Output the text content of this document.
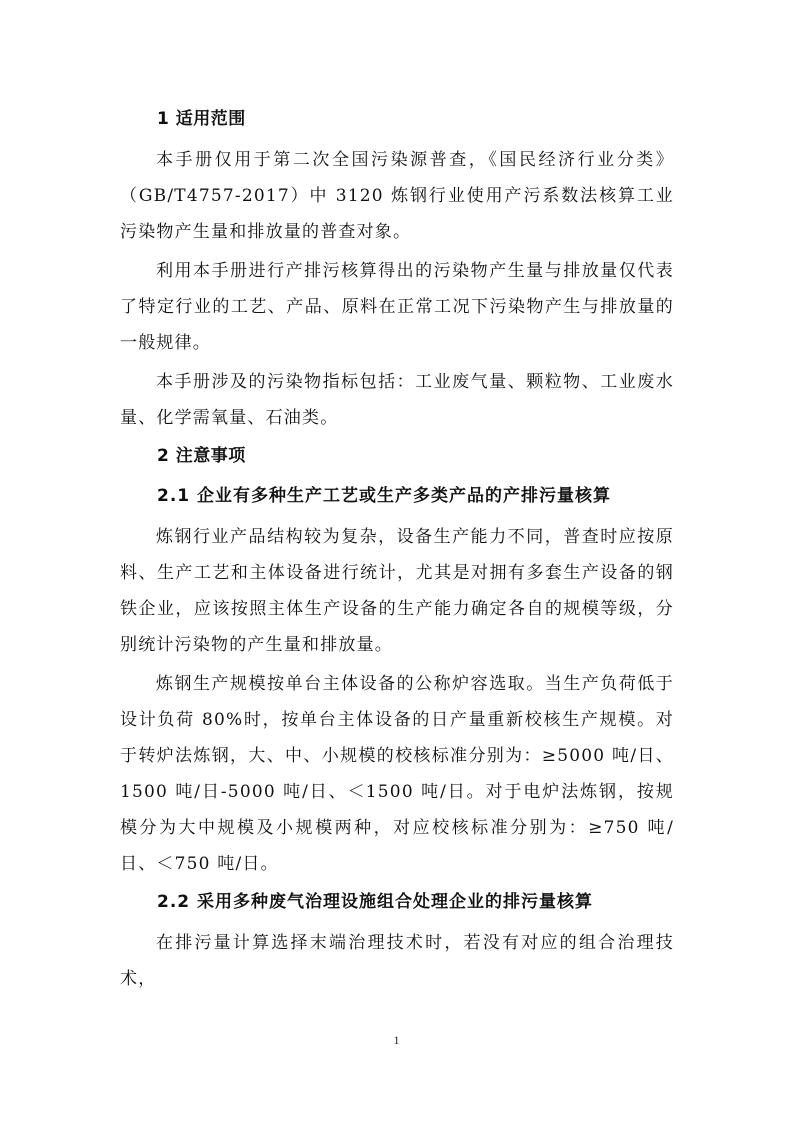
1 适用范围

本手册仅用于第二次全国污染源普查，《国民经济行业分类》（GB/T4757-2017）中 3120 炼钢行业使用产污系数法核算工业污染物产生量和排放量的普查对象。

利用本手册进行产排污核算得出的污染物产生量与排放量仅代表了特定行业的工艺、产品、原料在正常工况下污染物产生与排放量的一般规律。

本手册涉及的污染物指标包括：工业废气量、颗粒物、工业废水量、化学需氧量、石油类。

2 注意事项
2.1 企业有多种生产工艺或生产多类产品的产排污量核算

炼钢行业产品结构较为复杂，设备生产能力不同，普查时应按原料、生产工艺和主体设备进行统计，尤其是对拥有多套生产设备的钢铁企业，应该按照主体生产设备的生产能力确定各自的规模等级，分别统计污染物的产生量和排放量。

炼钢生产规模按单台主体设备的公称炉容选取。当生产负荷低于设计负荷 80%时，按单台主体设备的日产量重新校核生产规模。对于转炉法炼钢，大、中、小规模的校核标准分别为：≥5000 吨/日、1500 吨/日-5000 吨/日、＜1500 吨/日。对于电炉法炼钢，按规模分为大中规模及小规模两种，对应校核标准分别为：≥750 吨/日、＜750 吨/日。

2.2 采用多种废气治理设施组合处理企业的排污量核算

在排污量计算选择末端治理技术时，若没有对应的组合治理技术，

1
